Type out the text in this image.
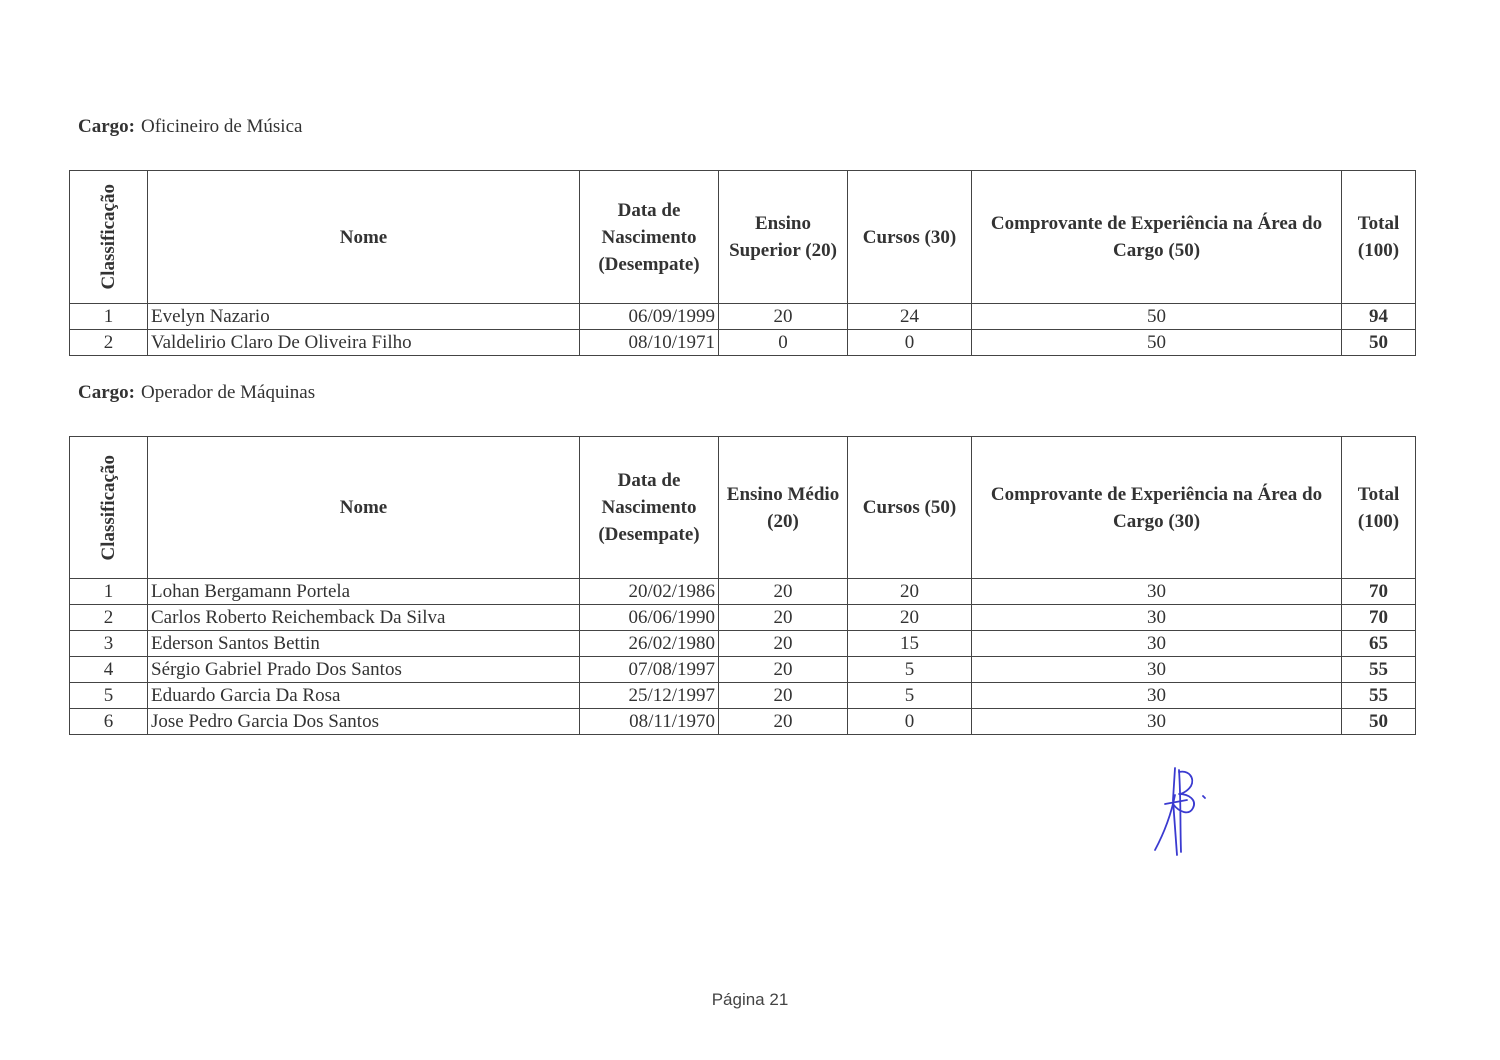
Cargo: Oficineiro de Música
Classificação	Nome	Data de Nascimento (Desempate)	Ensino Superior (20)	Cursos (30)	Comprovante de Experiência na Área do Cargo (50)	Total (100)
1	Evelyn Nazario	06/09/1999	20	24	50	94
2	Valdelirio Claro De Oliveira Filho	08/10/1971	0	0	50	50
Cargo: Operador de Máquinas
Classificação	Nome	Data de Nascimento (Desempate)	Ensino Médio (20)	Cursos (50)	Comprovante de Experiência na Área do Cargo (30)	Total (100)
1	Lohan Bergamann Portela	20/02/1986	20	20	30	70
2	Carlos Roberto Reichemback Da Silva	06/06/1990	20	20	30	70
3	Ederson Santos Bettin	26/02/1980	20	15	30	65
4	Sérgio Gabriel Prado Dos Santos	07/08/1997	20	5	30	55
5	Eduardo Garcia Da Rosa	25/12/1997	20	5	30	55
6	Jose Pedro Garcia Dos Santos	08/11/1970	20	0	30	50
Página 21
